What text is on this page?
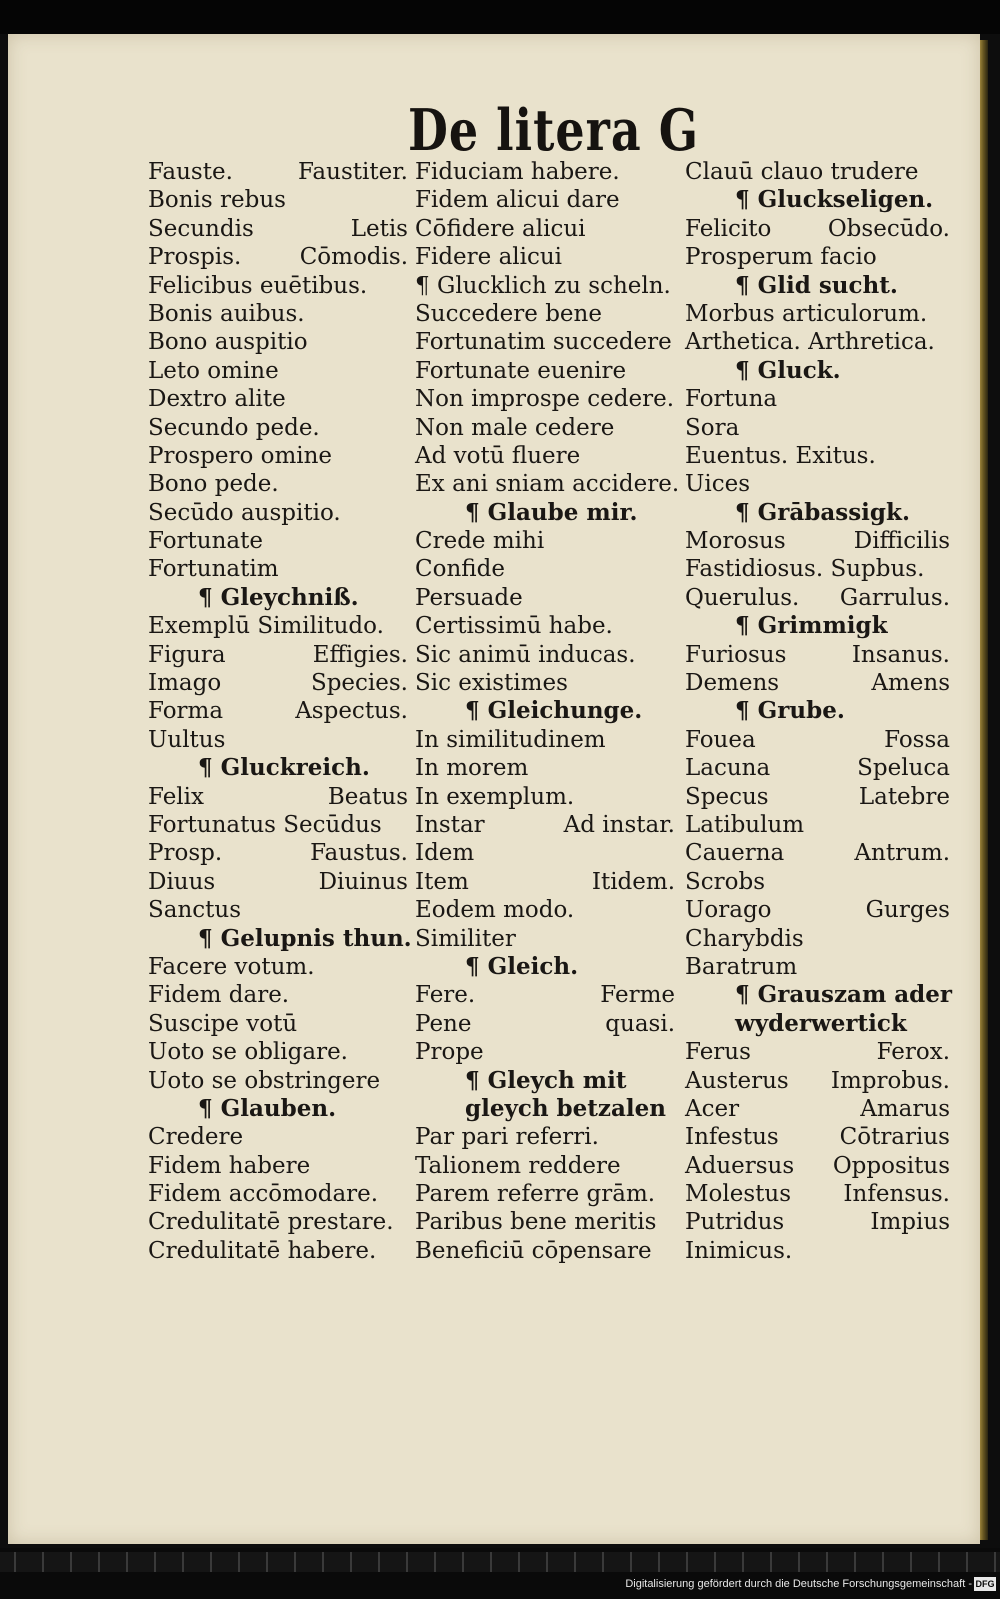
De litera G
Fauste.	Faustiter.
Bonis rebus
Secundis	Letis
Prospis.	Cōmodis.
Felicibus euētibus.
Bonis auibus.
Bono auspitio
Leto omine
Dextro alite
Secundo pede.
Prospero omine
Bono pede.
Secūdo auspitio.
Fortunate
Fortunatim
¶ Gleychniß.
Exemplū Similitudo.
Figura	Effigies.
Imago	Species.
Forma	Aspectus.
Uultus
¶ Gluckreich.
Felix	Beatus
Fortunatus Secūdus
Prosp.	Faustus.
Diuus	Diuinus
Sanctus
¶ Gelupnis thun.
Facere votum.
Fidem dare.
Suscipe votū
Uoto se obligare.
Uoto se obstringere
¶ Glauben.
Credere
Fidem habere
Fidem accōmodare.
Credulitatē prestare.
Credulitatē habere.
Fiduciam habere.
Fidem alicui dare
Cōfidere alicui
Fidere alicui
¶ Glucklich zu scheln.
Succedere bene
Fortunatim succedere
Fortunate euenire
Non improspe cedere.
Non male cedere
Ad votū fluere
Ex ani sniam accidere.
¶ Glaube mir.
Crede mihi
Confide
Persuade
Certissimū habe.
Sic animū inducas.
Sic existimes
¶ Gleichunge.
In similitudinem
In morem
In exemplum.
Instar	Ad instar.
Idem
Item	Itidem.
Eodem modo.
Similiter
¶ Gleich.
Fere.	Ferme
Pene	quasi.
Prope
¶ Gleych mit
gleych betzalen
Par pari referri.
Talionem reddere
Parem referre grām.
Paribus bene meritis
Beneficiū cōpensare
Clauū clauo trudere
¶ Gluckseligen.
Felicito Obsecūdo.
Prosperum facio
¶ Glid sucht.
Morbus articulorum.
Arthetica. Arthretica.
¶ Gluck.
Fortuna
Sora
Euentus. Exitus.
Uices
¶ Grābassigk.
Morosus	Difficilis
Fastidiosus. Supbus.
Querulus. Garrulus.
¶ Grimmigk
Furiosus	Insanus.
Demens	Amens
¶ Grube.
Fouea	Fossa
Lacuna	Speluca
Specus	Latebre
Latibulum
Cauerna	Antrum.
Scrobs
Uorago	Gurges
Charybdis
Baratrum
¶ Grauszam ader
wyderwertick
Ferus	Ferox.
Austerus Improbus.
Acer	Amarus
Infestus	Cōtrarius
Aduersus Oppositus
Molestus Infensus.
Putridus	Impius
Inimicus.
Digitalisierung gefördert durch die Deutsche Forschungsgemeinschaft - DFG
